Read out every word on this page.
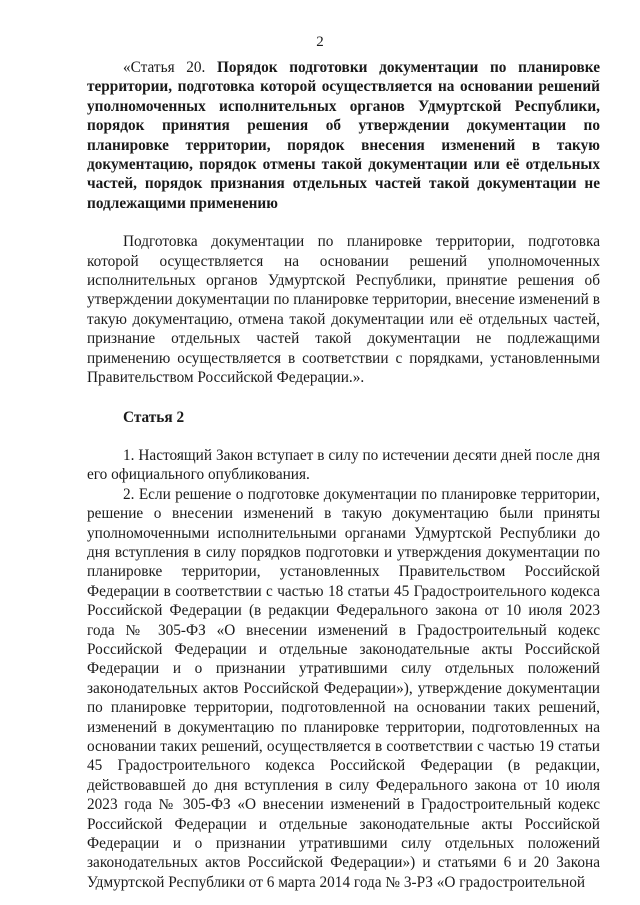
2

«Статья 20. Порядок подготовки документации по планировке территории, подготовка которой осуществляется на основании решений уполномоченных исполнительных органов Удмуртской Республики, порядок принятия решения об утверждении документации по планировке территории, порядок внесения изменений в такую документацию, порядок отмены такой документации или её отдельных частей, порядок признания отдельных частей такой документации не подлежащими применению

Подготовка документации по планировке территории, подготовка которой осуществляется на основании решений уполномоченных исполнительных органов Удмуртской Республики, принятие решения об утверждении документации по планировке территории, внесение изменений в такую документацию, отмена такой документации или её отдельных частей, признание отдельных частей такой документации не подлежащими применению осуществляется в соответствии с порядками, установленными Правительством Российской Федерации.».

Статья 2

1. Настоящий Закон вступает в силу по истечении десяти дней после дня его официального опубликования.

2. Если решение о подготовке документации по планировке территории, решение о внесении изменений в такую документацию были приняты уполномоченными исполнительными органами Удмуртской Республики до дня вступления в силу порядков подготовки и утверждения документации по планировке территории, установленных Правительством Российской Федерации в соответствии с частью 18 статьи 45 Градостроительного кодекса Российской Федерации (в редакции Федерального закона от 10 июля 2023 года № 305-ФЗ «О внесении изменений в Градостроительный кодекс Российской Федерации и отдельные законодательные акты Российской Федерации и о признании утратившими силу отдельных положений законодательных актов Российской Федерации»), утверждение документации по планировке территории, подготовленной на основании таких решений, изменений в документацию по планировке территории, подготовленных на основании таких решений, осуществляется в соответствии с частью 19 статьи 45 Градостроительного кодекса Российской Федерации (в редакции, действовавшей до дня вступления в силу Федерального закона от 10 июля 2023 года № 305-ФЗ «О внесении изменений в Градостроительный кодекс Российской Федерации и отдельные законодательные акты Российской Федерации и о признании утратившими силу отдельных положений законодательных актов Российской Федерации») и статьями 6 и 20 Закона Удмуртской Республики от 6 марта 2014 года № 3-РЗ «О градостроительной
